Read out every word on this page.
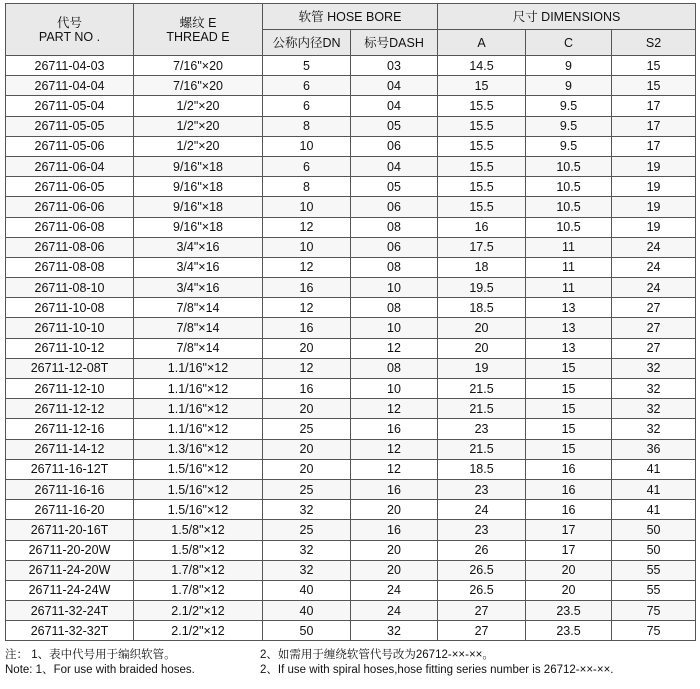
代号
PART NO .	螺纹 E
THREAD E	软管 HOSE BORE		尺寸 DIMENSIONS		
		公称内径DN	标号DASH	A	C	S2
26711-04-03	7/16"×20	5	03	14.5	9	15
26711-04-04	7/16"×20	6	04	15	9	15
26711-05-04	1/2"×20	6	04	15.5	9.5	17
26711-05-05	1/2"×20	8	05	15.5	9.5	17
26711-05-06	1/2"×20	10	06	15.5	9.5	17
26711-06-04	9/16"×18	6	04	15.5	10.5	19
26711-06-05	9/16"×18	8	05	15.5	10.5	19
26711-06-06	9/16"×18	10	06	15.5	10.5	19
26711-06-08	9/16"×18	12	08	16	10.5	19
26711-08-06	3/4"×16	10	06	17.5	11	24
26711-08-08	3/4"×16	12	08	18	11	24
26711-08-10	3/4"×16	16	10	19.5	11	24
26711-10-08	7/8"×14	12	08	18.5	13	27
26711-10-10	7/8"×14	16	10	20	13	27
26711-10-12	7/8"×14	20	12	20	13	27
26711-12-08T	1.1/16"×12	12	08	19	15	32
26711-12-10	1.1/16"×12	16	10	21.5	15	32
26711-12-12	1.1/16"×12	20	12	21.5	15	32
26711-12-16	1.1/16"×12	25	16	23	15	32
26711-14-12	1.3/16"×12	20	12	21.5	15	36
26711-16-12T	1.5/16"×12	20	12	18.5	16	41
26711-16-16	1.5/16"×12	25	16	23	16	41
26711-16-20	1.5/16"×12	32	20	24	16	41
26711-20-16T	1.5/8"×12	25	16	23	17	50
26711-20-20W	1.5/8"×12	32	20	26	17	50
26711-24-20W	1.7/8"×12	32	20	26.5	20	55
26711-24-24W	1.7/8"×12	40	24	26.5	20	55
26711-32-24T	2.1/2"×12	40	24	27	23.5	75
26711-32-32T	2.1/2"×12	50	32	27	23.5	75
注： 1、表中代号用于编织软管。	2、如需用于缠绕软管代号改为26712-××-××。
Note: 1、For use with braided hoses.	2、If use with spiral hoses,hose fitting series number is 26712-××-××.
